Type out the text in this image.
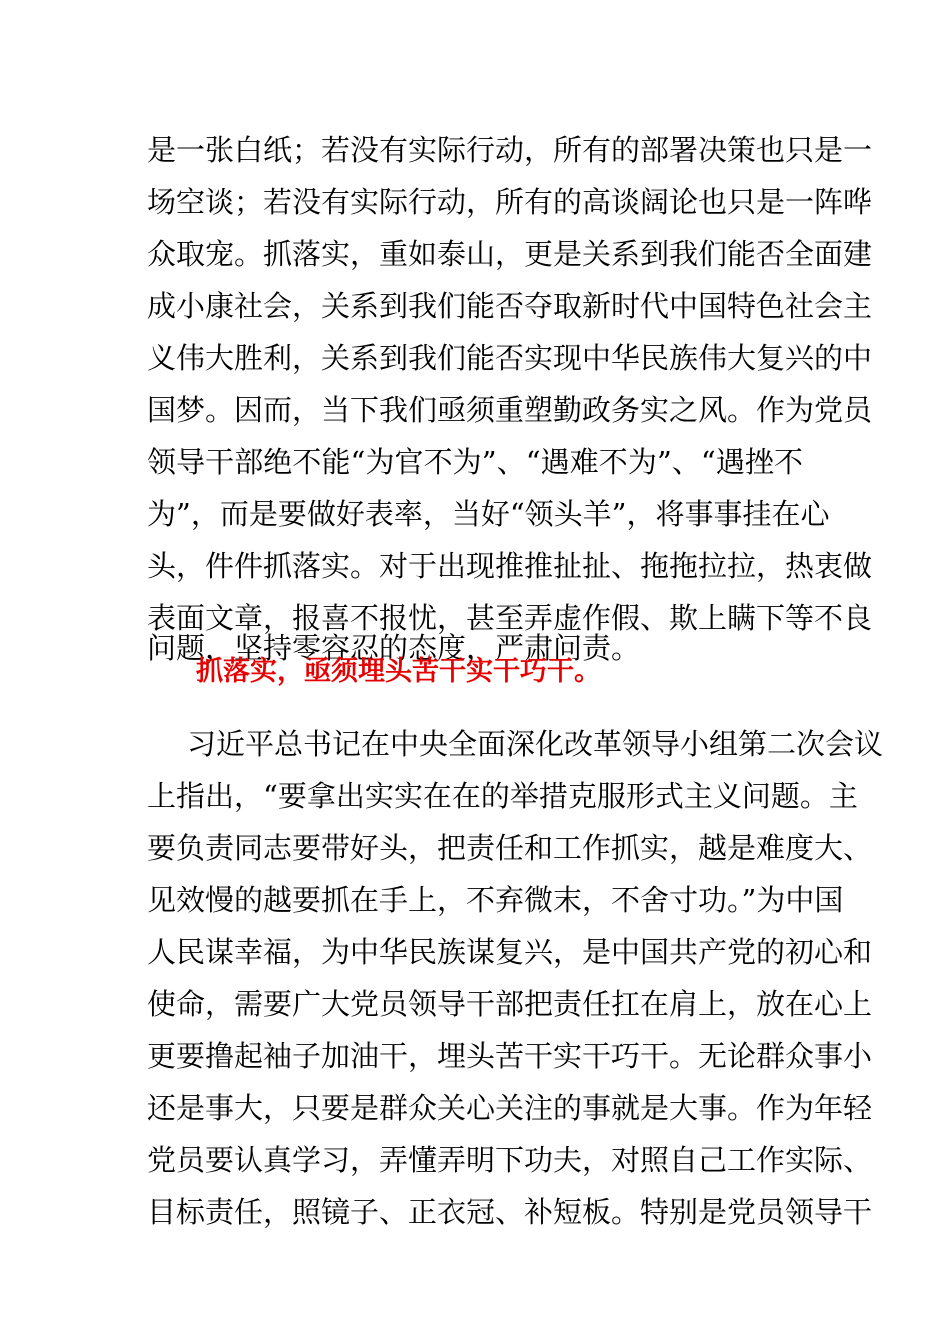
是一张白纸；若没有实际行动，所有的部署决策也只是一
场空谈；若没有实际行动，所有的高谈阔论也只是一阵哗
众取宠。抓落实，重如泰山，更是关系到我们能否全面建
成小康社会，关系到我们能否夺取新时代中国特色社会主
义伟大胜利，关系到我们能否实现中华民族伟大复兴的中
国梦。因而，当下我们亟须重塑勤政务实之风。作为党员
领导干部绝不能“为官不为”、“遇难不为”、“遇挫不
为”，而是要做好表率，当好“领头羊”，将事事挂在心
头，件件抓落实。对于出现推推扯扯、拖拖拉拉，热衷做
表面文章，报喜不报忧，甚至弄虚作假、欺上瞒下等不良
问题，坚持零容忍的态度，严肃问责。
抓落实，亟须埋头苦干实干巧干。
习近平总书记在中央全面深化改革领导小组第二次会议
上指出，“要拿出实实在在的举措克服形式主义问题。主
要负责同志要带好头，把责任和工作抓实，越是难度大、
见效慢的越要抓在手上，不弃微末，不舍寸功。”为中国
人民谋幸福，为中华民族谋复兴，是中国共产党的初心和
使命，需要广大党员领导干部把责任扛在肩上，放在心上
更要撸起袖子加油干，埋头苦干实干巧干。无论群众事小
还是事大，只要是群众关心关注的事就是大事。作为年轻
党员要认真学习，弄懂弄明下功夫，对照自己工作实际、
目标责任，照镜子、正衣冠、补短板。特别是党员领导干
